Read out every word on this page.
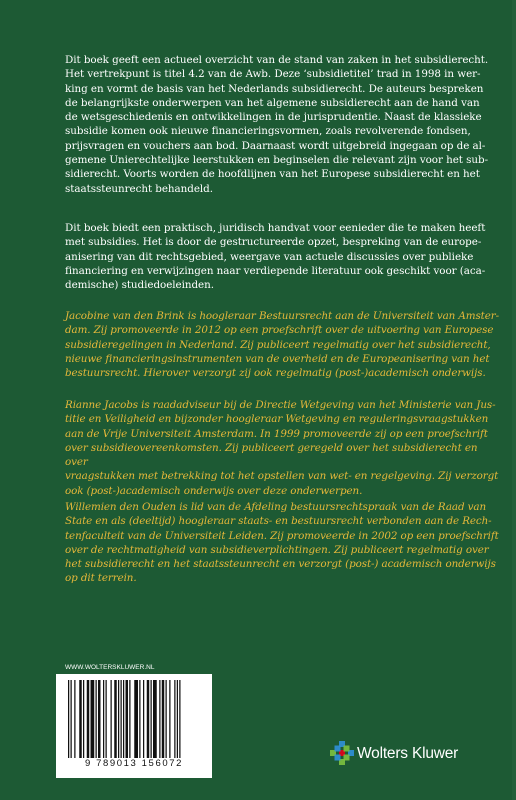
Dit boek geeft een actueel overzicht van de stand van zaken in het subsidierecht.
Het vertrekpunt is titel 4.2 van de Awb. Deze ‘subsidietitel’ trad in 1998 in wer-
king en vormt de basis van het Nederlands subsidierecht. De auteurs bespreken
de belangrijkste onderwerpen van het algemene subsidierecht aan de hand van
de wetsgeschiedenis en ontwikkelingen in de jurisprudentie. Naast de klassieke
subsidie komen ook nieuwe financieringsvormen, zoals revolverende fondsen,
prijsvragen en vouchers aan bod. Daarnaast wordt uitgebreid ingegaan op de al-
gemene Unierechtelijke leerstukken en beginselen die relevant zijn voor het sub-
sidierecht. Voorts worden de hoofdlijnen van het Europese subsidierecht en het
staatssteunrecht behandeld.
Dit boek biedt een praktisch, juridisch handvat voor eenieder die te maken heeft
met subsidies. Het is door de gestructureerde opzet, bespreking van de europe-
anisering van dit rechtsgebied, weergave van actuele discussies over publieke
financiering en verwijzingen naar verdiepende literatuur ook geschikt voor (aca-
demische) studiedoeleinden.
Jacobine van den Brink is hoogleraar Bestuursrecht aan de Universiteit van Amster-
dam. Zij promoveerde in 2012 op een proefschrift over de uitvoering van Europese
subsidieregelingen in Nederland. Zij publiceert regelmatig over het subsidierecht,
nieuwe financieringsinstrumenten van de overheid en de Europeanisering van het
bestuursrecht. Hierover verzorgt zij ook regelmatig (post-)academisch onderwijs.
Rianne Jacobs is raadadviseur bij de Directie Wetgeving van het Ministerie van Jus-
titie en Veiligheid en bijzonder hoogleraar Wetgeving en reguleringsvraagstukken
aan de Vrije Universiteit Amsterdam. In 1999 promoveerde zij op een proefschrift
over subsidieovereenkomsten. Zij publiceert geregeld over het subsidierecht en over
vraagstukken met betrekking tot het opstellen van wet- en regelgeving. Zij verzorgt
ook (post-)academisch onderwijs over deze onderwerpen.
Willemien den Ouden is lid van de Afdeling bestuursrechtspraak van de Raad van
State en als (deeltijd) hoogleraar staats- en bestuursrecht verbonden aan de Rech-
tenfaculteit van de Universiteit Leiden. Zij promoveerde in 2002 op een proefschrift
over de rechtmatigheid van subsidieverplichtingen. Zij publiceert regelmatig over
het subsidierecht en het staatssteunrecht en verzorgt (post-) academisch onderwijs
op dit terrein.
WWW.WOLTERSKLUWER.NL
9 789013 156072
Wolters Kluwer
